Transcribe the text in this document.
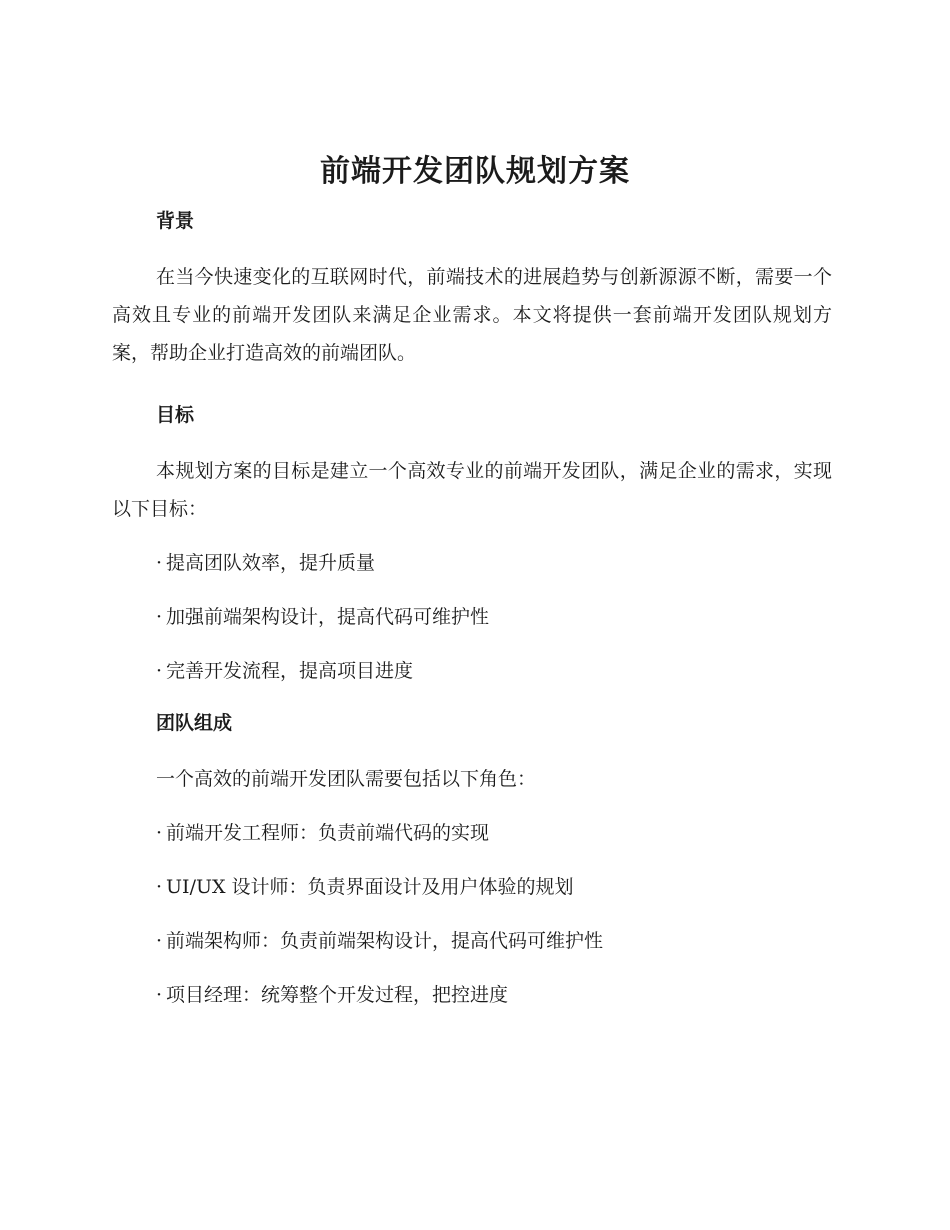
前端开发团队规划方案
背景

在当今快速变化的互联网时代，前端技术的进展趋势与创新源源不断，需要一个高效且专业的前端开发团队来满足企业需求。本文将提供一套前端开发团队规划方案，帮助企业打造高效的前端团队。

目标

本规划方案的目标是建立一个高效专业的前端开发团队，满足企业的需求，实现以下目标：

· 提高团队效率，提升质量
· 加强前端架构设计，提高代码可维护性
· 完善开发流程，提高项目进度
团队组成

一个高效的前端开发团队需要包括以下角色：

· 前端开发工程师：负责前端代码的实现
· UI/UX 设计师：负责界面设计及用户体验的规划
· 前端架构师：负责前端架构设计，提高代码可维护性
· 项目经理：统筹整个开发过程，把控进度
